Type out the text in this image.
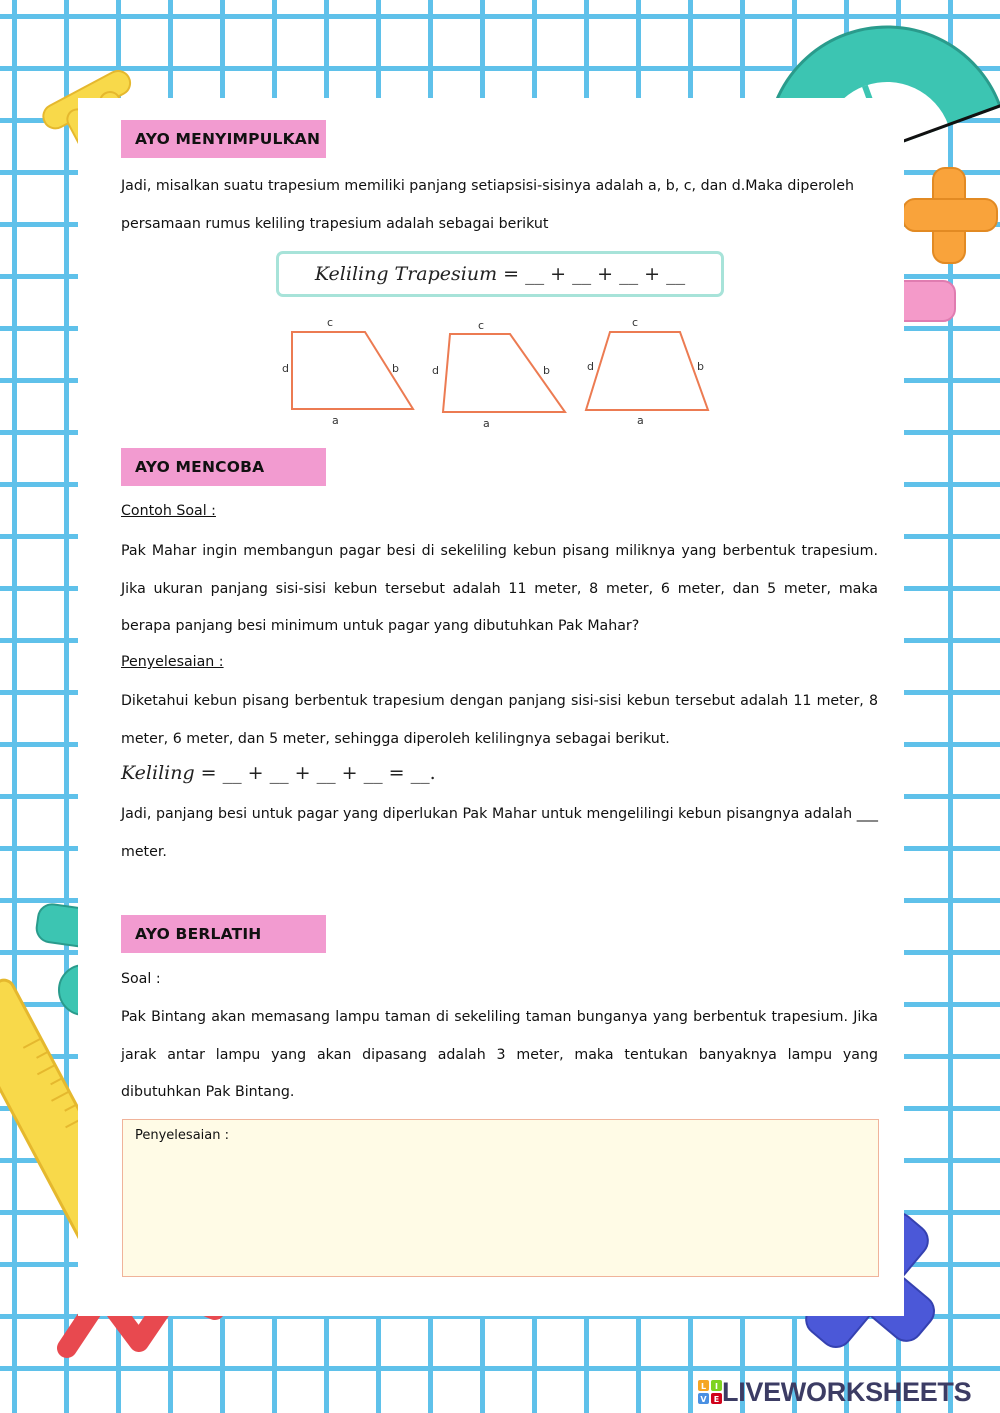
AYO MENYIMPULKAN
Jadi, misalkan suatu trapesium memiliki panjang setiapsisi-sisinya adalah a, b, c, dan d.Maka diperoleh
persamaan rumus keliling trapesium adalah sebagai berikut
Keliling Trapesium = __ + __ + __ + __
c
d	b
a
c
d	b
a
c
d	b
a
AYO MENCOBA
Contoh Soal :
Pak Mahar ingin membangun pagar besi di sekeliling kebun pisang miliknya yang berbentuk trapesium. Jika ukuran panjang sisi-sisi kebun tersebut adalah 11 meter, 8 meter, 6 meter, dan 5 meter, maka berapa panjang besi minimum untuk pagar yang dibutuhkan Pak Mahar?
Penyelesaian :
Diketahui kebun pisang berbentuk trapesium dengan panjang sisi-sisi kebun tersebut adalah 11 meter, 8 meter, 6 meter, dan 5 meter, sehingga diperoleh kelilingnya sebagai berikut.
Keliling = __ + __ + __ + __ = __.
Jadi, panjang besi untuk pagar yang diperlukan Pak Mahar untuk mengelilingi kebun pisangnya adalah ___ meter.
AYO BERLATIH
Soal :
Pak Bintang akan memasang lampu taman di sekeliling taman bunganya yang berbentuk trapesium. Jika jarak antar lampu yang akan dipasang adalah 3 meter, maka tentukan banyaknya lampu yang dibutuhkan Pak Bintang.
Penyelesaian :
L I
V E LIVEWORKSHEETS
